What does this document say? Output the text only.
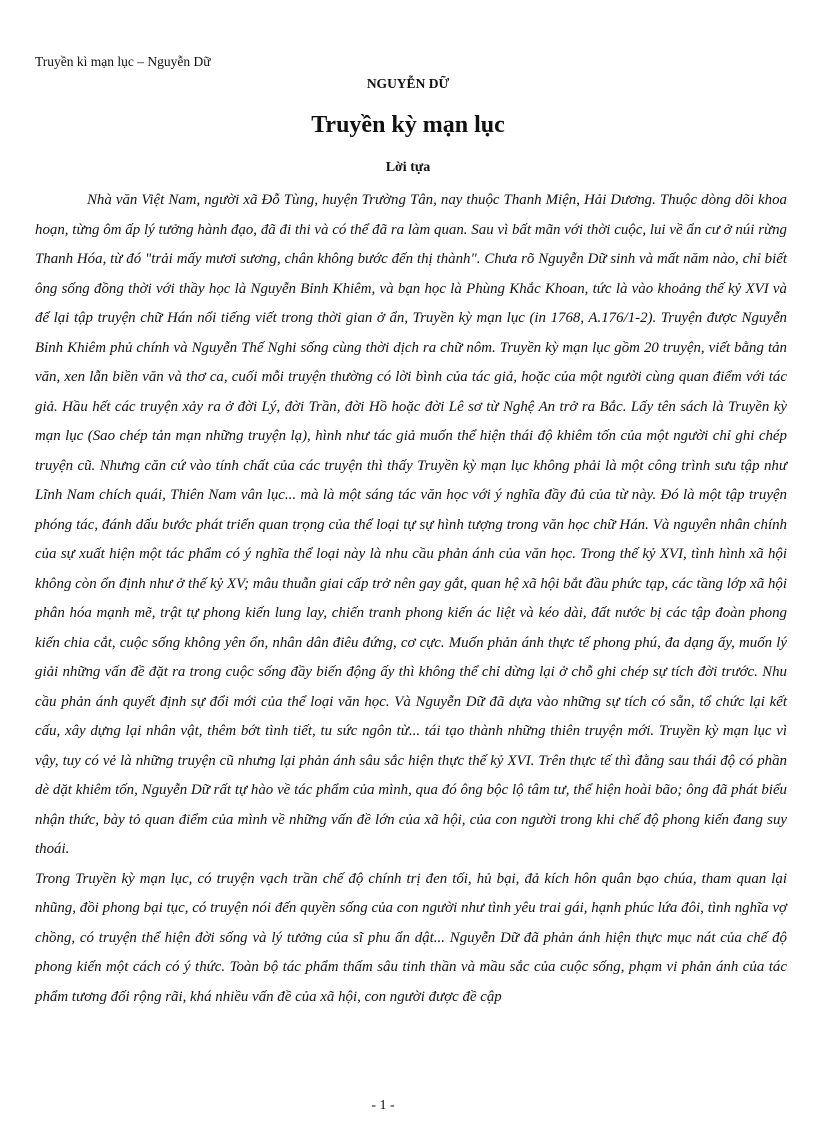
Truyền kì mạn lục – Nguyễn Dữ
NGUYỄN DỮ
Truyền kỳ mạn lục
Lời tựa

Nhà văn Việt Nam, người xã Đỗ Tùng, huyện Trường Tân, nay thuộc Thanh Miện, Hải Dương. Thuộc dòng dõi khoa hoạn, từng ôm ấp lý tưởng hành đạo, đã đi thi và có thể đã ra làm quan. Sau vì bất mãn với thời cuộc, lui về ẩn cư ở núi rừng Thanh Hóa, từ đó "trải mấy mươi sương, chân không bước đến thị thành". Chưa rõ Nguyễn Dữ sinh và mất năm nào, chỉ biết ông sống đồng thời với thầy học là Nguyễn Bỉnh Khiêm, và bạn học là Phùng Khắc Khoan, tức là vào khoảng thế kỷ XVI và để lại tập truyện chữ Hán nổi tiếng viết trong thời gian ở ẩn, Truyền kỳ mạn lục (in 1768, A.176/1-2). Truyện được Nguyễn Bỉnh Khiêm phủ chính và Nguyễn Thế Nghi sống cùng thời dịch ra chữ nôm. Truyền kỳ mạn lục gồm 20 truyện, viết bằng tản văn, xen lẫn biền văn và thơ ca, cuối mỗi truyện thường có lời bình của tác giả, hoặc của một người cùng quan điểm với tác giả. Hầu hết các truyện xảy ra ở đời Lý, đời Trần, đời Hồ hoặc đời Lê sơ từ Nghệ An trở ra Bắc. Lấy tên sách là Truyền kỳ mạn lục (Sao chép tản mạn những truyện lạ), hình như tác giả muốn thể hiện thái độ khiêm tốn của một người chỉ ghi chép truyện cũ. Nhưng căn cứ vào tính chất của các truyện thì thấy Truyền kỳ mạn lục không phải là một công trình sưu tập như Lĩnh Nam chích quái, Thiên Nam vân lục... mà là một sáng tác văn học với ý nghĩa đầy đủ của từ này. Đó là một tập truyện phóng tác, đánh dấu bước phát triển quan trọng của thể loại tự sự hình tượng trong văn học chữ Hán. Và nguyên nhân chính của sự xuất hiện một tác phẩm có ý nghĩa thể loại này là nhu cầu phản ánh của văn học. Trong thế kỷ XVI, tình hình xã hội không còn ổn định như ở thế kỷ XV; mâu thuẫn giai cấp trở nên gay gắt, quan hệ xã hội bắt đầu phức tạp, các tầng lớp xã hội phân hóa mạnh mẽ, trật tự phong kiến lung lay, chiến tranh phong kiến ác liệt và kéo dài, đất nước bị các tập đoàn phong kiến chia cắt, cuộc sống không yên ổn, nhân dân điêu đứng, cơ cực. Muốn phản ánh thực tế phong phú, đa dạng ấy, muốn lý giải những vấn đề đặt ra trong cuộc sống đầy biến động ấy thì không thể chỉ dừng lại ở chỗ ghi chép sự tích đời trước. Nhu cầu phản ánh quyết định sự đổi mới của thể loại văn học. Và Nguyễn Dữ đã dựa vào những sự tích có sẵn, tổ chức lại kết cấu, xây dựng lại nhân vật, thêm bớt tình tiết, tu sức ngôn từ... tái tạo thành những thiên truyện mới. Truyền kỳ mạn lục vì vậy, tuy có vẻ là những truyện cũ nhưng lại phản ánh sâu sắc hiện thực thế kỷ XVI. Trên thực tế thì đằng sau thái độ có phần dè dặt khiêm tốn, Nguyễn Dữ rất tự hào về tác phẩm của mình, qua đó ông bộc lộ tâm tư, thể hiện hoài bão; ông đã phát biểu nhận thức, bày tỏ quan điểm của mình về những vấn đề lớn của xã hội, của con người trong khi chế độ phong kiến đang suy thoái.

Trong Truyền kỳ mạn lục, có truyện vạch trần chế độ chính trị đen tối, hủ bại, đả kích hôn quân bạo chúa, tham quan lại nhũng, đồi phong bại tục, có truyện nói đến quyền sống của con người như tình yêu trai gái, hạnh phúc lứa đôi, tình nghĩa vợ chồng, có truyện thể hiện đời sống và lý tưởng của sĩ phu ẩn dật... Nguyễn Dữ đã phản ánh hiện thực mục nát của chế độ phong kiến một cách có ý thức. Toàn bộ tác phẩm thấm sâu tinh thần và mầu sắc của cuộc sống, phạm vi phản ánh của tác phẩm tương đối rộng rãi, khá nhiều vấn đề của xã hội, con người được đề cập

- 1 -
